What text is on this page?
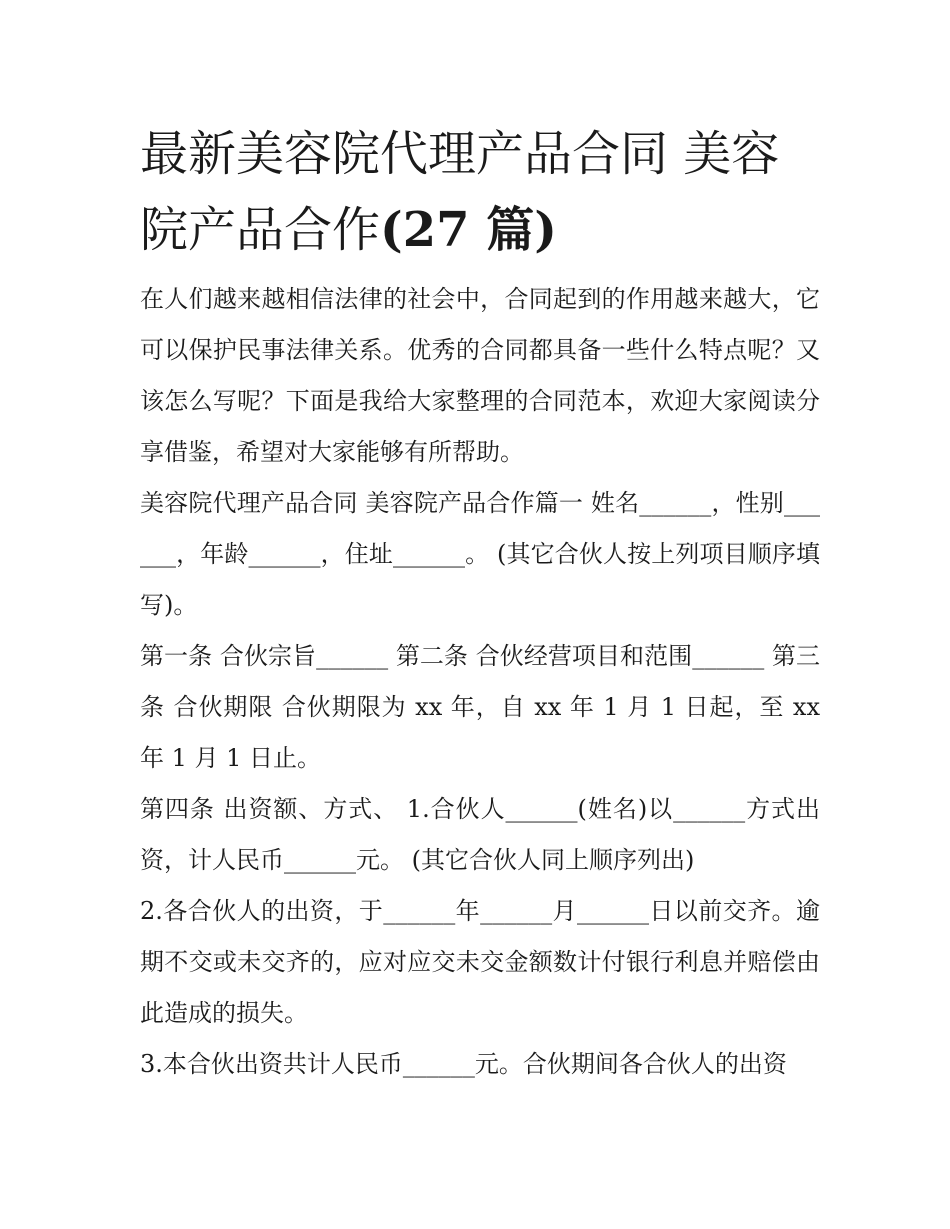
最新美容院代理产品合同 美容院产品合作(27 篇)

在人们越来越相信法律的社会中，合同起到的作用越来越大，它可以保护民事法律关系。优秀的合同都具备一些什么特点呢？又该怎么写呢？下面是我给大家整理的合同范本，欢迎大家阅读分享借鉴，希望对大家能够有所帮助。

美容院代理产品合同 美容院产品合作篇一 姓名______，性别______，年龄______，住址______。 (其它合伙人按上列项目顺序填写)。

第一条 合伙宗旨______ 第二条 合伙经营项目和范围______ 第三条 合伙期限 合伙期限为 xx 年，自 xx 年 1 月 1 日起，至 xx 年 1 月 1 日止。

第四条 出资额、方式、 1.合伙人______(姓名)以______方式出资，计人民币______元。 (其它合伙人同上顺序列出)

2.各合伙人的出资，于______年______月______日以前交齐。逾期不交或未交齐的，应对应交未交金额数计付银行利息并赔偿由此造成的损失。

3.本合伙出资共计人民币______元。合伙期间各合伙人的出资
